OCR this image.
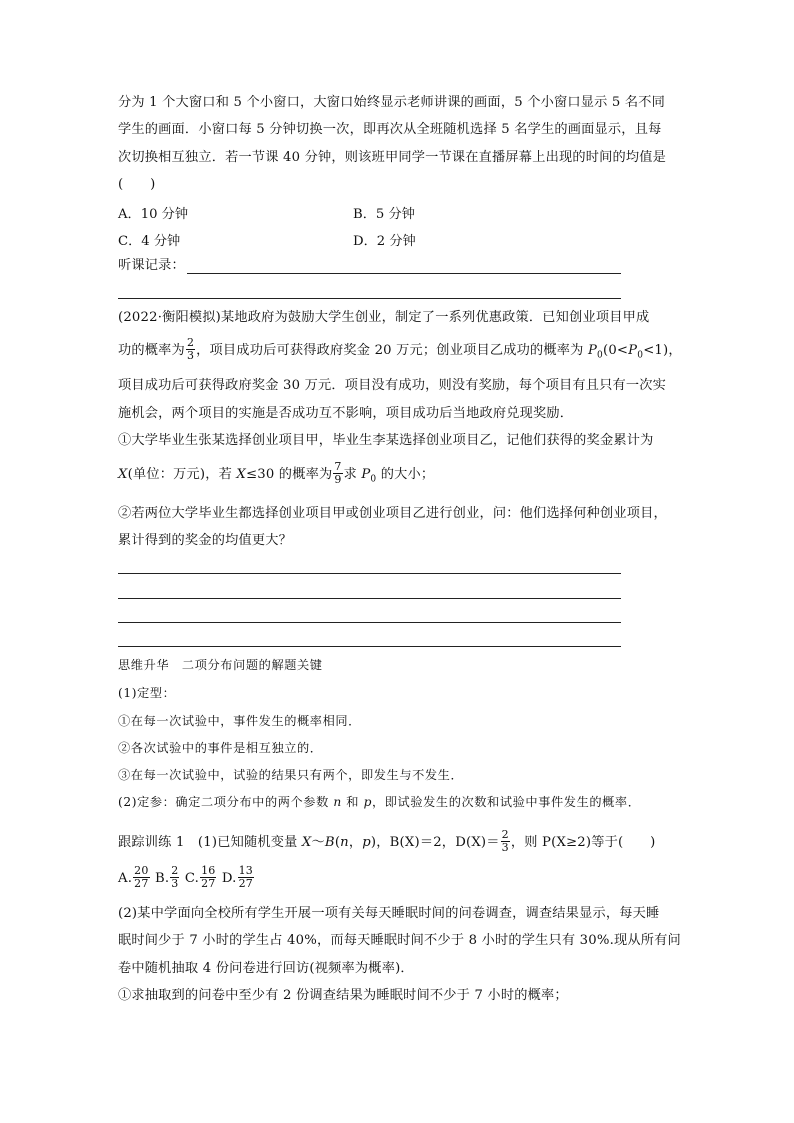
分为 1 个大窗口和 5 个小窗口，大窗口始终显示老师讲课的画面，5 个小窗口显示 5 名不同
学生的画面．小窗口每 5 分钟切换一次，即再次从全班随机选择 5 名学生的画面显示，且每
次切换相互独立．若一节课 40 分钟，则该班甲同学一节课在直播屏幕上出现的时间的均值是
(　　)
A．10 分钟	B．5 分钟
C．4 分钟	D．2 分钟
听课记录：
(2022·衡阳模拟)某地政府为鼓励大学生创业，制定了一系列优惠政策．已知创业项目甲成
功的概率为 $\frac{2}{3}$ ，项目成功后可获得政府奖金 20 万元；创业项目乙成功的概率为 $P_0(0<P_0<1)$，
项目成功后可获得政府奖金 30 万元．项目没有成功，则没有奖励，每个项目有且只有一次实
施机会，两个项目的实施是否成功互不影响，项目成功后当地政府兑现奖励．
①大学毕业生张某选择创业项目甲，毕业生李某选择创业项目乙，记他们获得的奖金累计为
X(单位：万元)，若 X≤30 的概率为 $\frac{7}{9}$ 求 $P_0$ 的大小；
②若两位大学毕业生都选择创业项目甲或创业项目乙进行创业，问：他们选择何种创业项目，
累计得到的奖金的均值更大？
思维升华　二项分布问题的解题关键
(1)定型：
①在每一次试验中，事件发生的概率相同．
②各次试验中的事件是相互独立的．
③在每一次试验中，试验的结果只有两个，即发生与不发生．
(2)定参：确定二项分布中的两个参数 n 和 p，即试验发生的次数和试验中事件发生的概率．
跟踪训练 1　(1)已知随机变量 X～B(n，p)，B(X)＝2，$D(X)= \frac{2}{3}$ ，则 P(X≥2)等于(　　)
A. $\frac{20}{27} B$. $\frac{2}{3} C$. $\frac{16}{27} D$. $\frac{13}{27}$
(2)某中学面向全校所有学生开展一项有关每天睡眠时间的问卷调查，调查结果显示，每天睡
眠时间少于 7 小时的学生占 40%，而每天睡眠时间不少于 8 小时的学生只有 30%.现从所有问
卷中随机抽取 4 份问卷进行回访(视频率为概率)．
①求抽取到的问卷中至少有 2 份调查结果为睡眠时间不少于 7 小时的概率；
